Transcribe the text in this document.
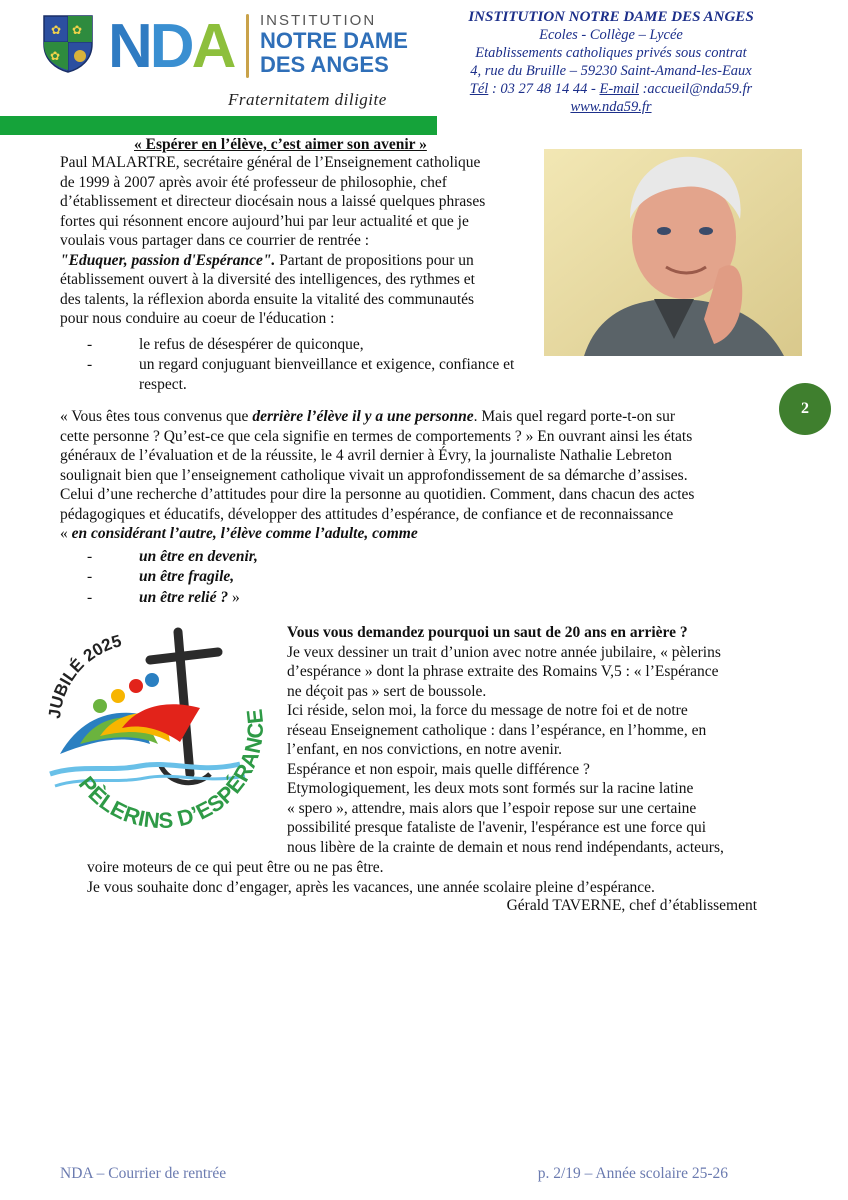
✿ ✿
✿ NDA INSTITUTION
NOTRE DAME
DES ANGES
Fraternitatem diligite
INSTITUTION NOTRE DAME DES ANGES
Ecoles - Collège – Lycée
Etablissements catholiques privés sous contrat
4, rue du Bruille – 59230 Saint-Amand-les-Eaux
Tél : 03 27 48 14 44 - E-mail :accueil@nda59.fr
www.nda59.fr
« Espérer en l’élève, c’est aimer son avenir »
Paul MALARTRE, secrétaire général de l’Enseignement catholique
de 1999 à 2007 après avoir été professeur de philosophie, chef
d’établissement et directeur diocésain nous a laissé quelques phrases
fortes qui résonnent encore aujourd’hui par leur actualité et que je
voulais vous partager dans ce courrier de rentrée :
"Eduquer, passion d'Espérance". Partant de propositions pour un
établissement ouvert à la diversité des intelligences, des rythmes et
des talents, la réflexion aborda ensuite la vitalité des communautés
pour nous conduire au coeur de l'éducation :
-	le refus de désespérer de quiconque,
-	un regard conjuguant bienveillance et exigence, confiance et
respect.
2
« Vous êtes tous convenus que derrière l’élève il y a une personne. Mais quel regard porte-t-on sur
cette personne ? Qu’est-ce que cela signifie en termes de comportements ? » En ouvrant ainsi les états
généraux de l’évaluation et de la réussite, le 4 avril dernier à Évry, la journaliste Nathalie Lebreton
soulignait bien que l’enseignement catholique vivait un approfondissement de sa démarche d’assises.
Celui d’une recherche d’attitudes pour dire la personne au quotidien. Comment, dans chacun des actes
pédagogiques et éducatifs, développer des attitudes d’espérance, de confiance et de reconnaissance
« en considérant l’autre, l’élève comme l’adulte, comme
-	un être en devenir,
-	un être fragile,
-	un être relié ? »
JUBILÉ 2025
PÈLERINS D’ESPÉRANCE
Vous vous demandez pourquoi un saut de 20 ans en arrière ?
Je veux dessiner un trait d’union avec notre année jubilaire, « pèlerins
d’espérance » dont la phrase extraite des Romains V,5 : « l’Espérance
ne déçoit pas » sert de boussole.
Ici réside, selon moi, la force du message de notre foi et de notre
réseau Enseignement catholique : dans l’espérance, en l’homme, en
l’enfant, en nos convictions, en notre avenir.
Espérance et non espoir, mais quelle différence ?
Etymologiquement, les deux mots sont formés sur la racine latine
« spero », attendre, mais alors que l’espoir repose sur une certaine
possibilité presque fataliste de l'avenir, l'espérance est une force qui
nous libère de la crainte de demain et nous rend indépendants, acteurs,
voire moteurs de ce qui peut être ou ne pas être.
Je vous souhaite donc d’engager, après les vacances, une année scolaire pleine d’espérance.
Gérald TAVERNE, chef d’établissement
NDA – Courrier de rentrée	p. 2/19 – Année scolaire 25-26
